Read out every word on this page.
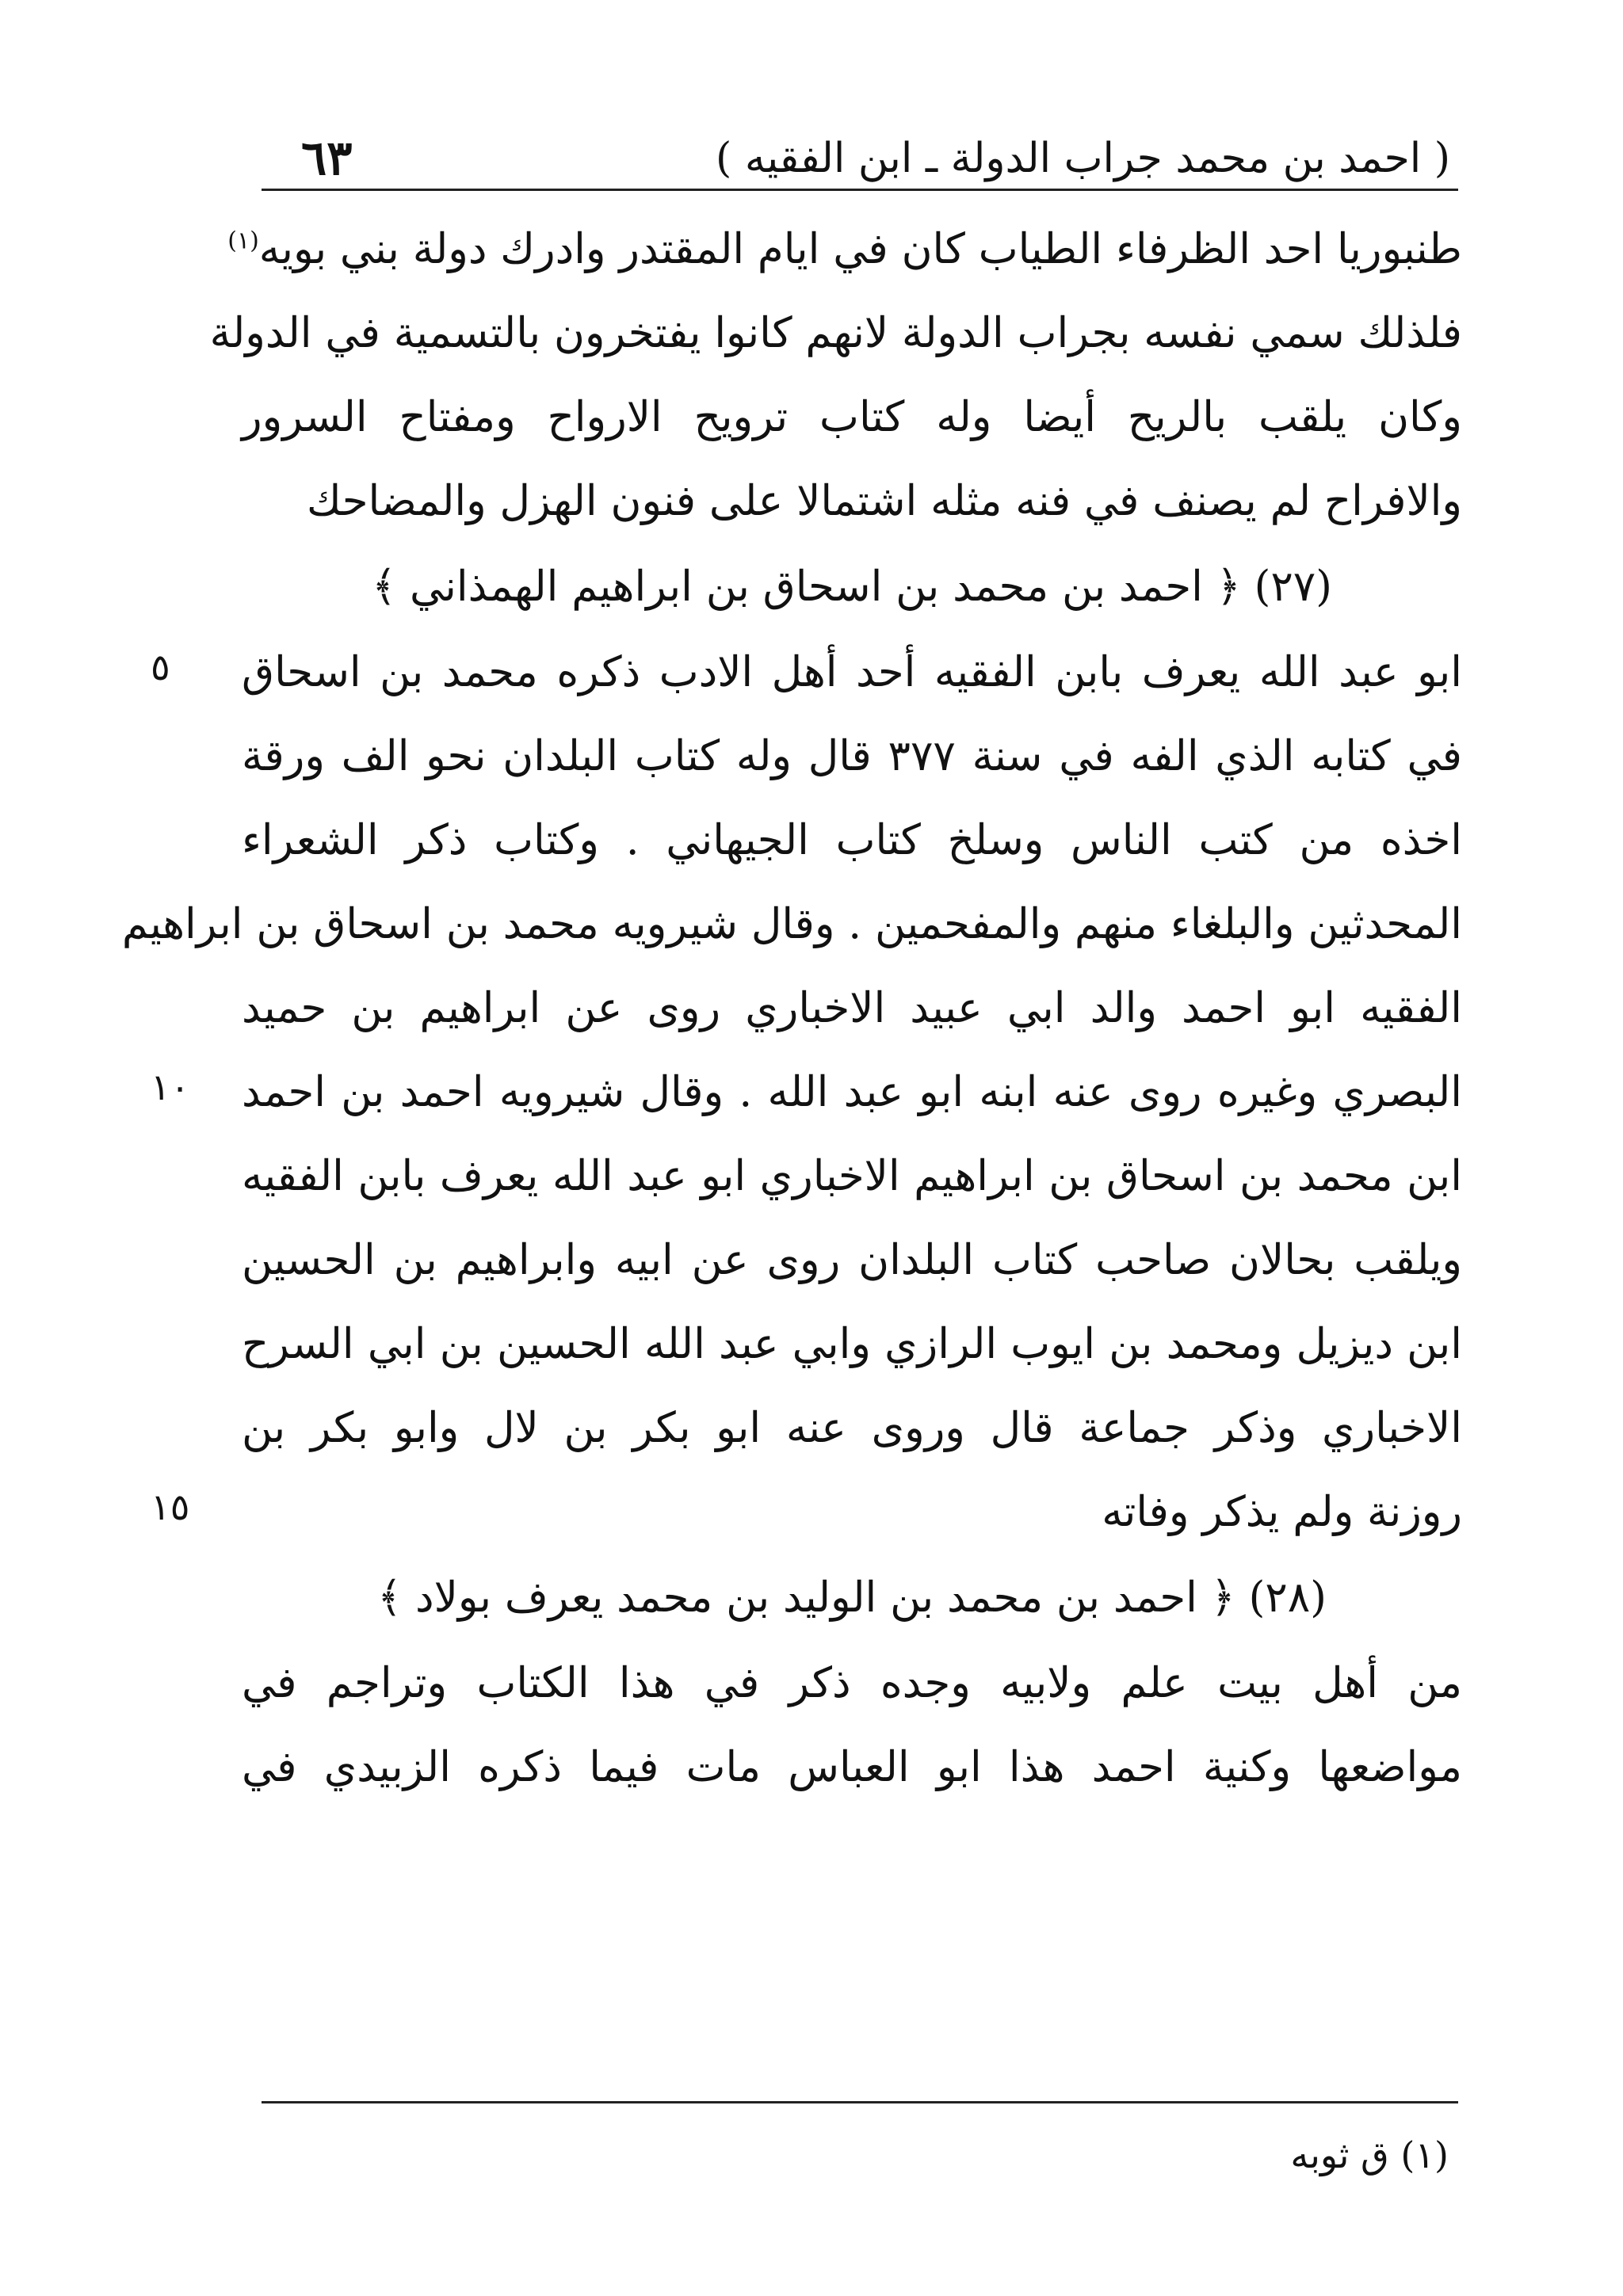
( احمد بن محمد جراب الدولة ـ ابن الفقيه )
٦٣
طنبوريا احد الظرفاء الطياب كان في ايام المقتدر وادرك دولة بني بويه$^{(١)}$
فلذلك سمي نفسه بجراب الدولة لانهم كانوا يفتخرون بالتسمية في الدولة
وكان يلقب بالريح أيضا وله كتاب ترويح الارواح ومفتاح السرور
والافراح لم يصنف في فنه مثله اشتمالا على فنون الهزل والمضاحك
(٢٧) ﴿ احمد بن محمد بن اسحاق بن ابراهيم الهمذاني ﴾
ابو عبد الله يعرف بابن الفقيه أحد أهل الادب ذكره محمد بن اسحاق
في كتابه الذي الفه في سنة ٣٧٧ قال وله كتاب البلدان نحو الف ورقة
اخذه من كتب الناس وسلخ كتاب الجيهاني . وكتاب ذكر الشعراء
المحدثين والبلغاء منهم والمفحمين . وقال شيرويه محمد بن اسحاق بن ابراهيم
الفقيه ابو احمد والد ابي عبيد الاخباري روى عن ابراهيم بن حميد
البصري وغيره روى عنه ابنه ابو عبد الله . وقال شيرويه احمد بن احمد
ابن محمد بن اسحاق بن ابراهيم الاخباري ابو عبد الله يعرف بابن الفقيه
ويلقب بحالان صاحب كتاب البلدان روى عن ابيه وابراهيم بن الحسين
ابن ديزيل ومحمد بن ايوب الرازي وابي عبد الله الحسين بن ابي السرح
الاخباري وذكر جماعة قال وروى عنه ابو بكر بن لال وابو بكر بن
روزنة ولم يذكر وفاته
(٢٨) ﴿ احمد بن محمد بن الوليد بن محمد يعرف بولاد ﴾
من أهل بيت علم ولابيه وجده ذكر في هذا الكتاب وتراجم في
مواضعها وكنية احمد هذا ابو العباس مات فيما ذكره الزبيدي في
٥
١٠
١٥
(١) ق ثوبه
